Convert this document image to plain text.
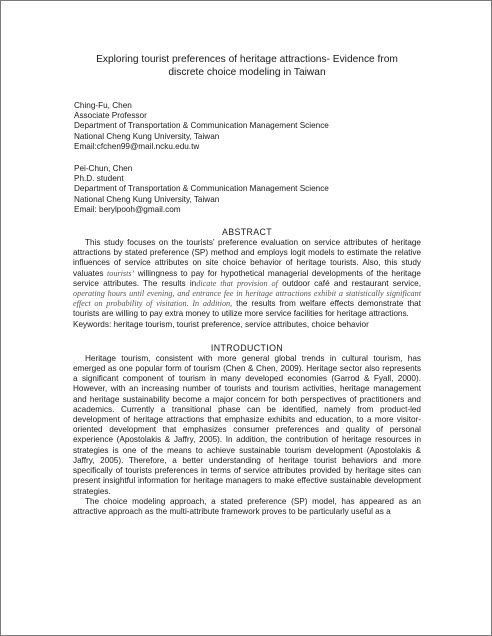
Exploring tourist preferences of heritage attractions- Evidence from
discrete choice modeling in Taiwan
Ching-Fu, Chen
Associate Professor
Department of Transportation & Communication Management Science
National Cheng Kung University, Taiwan
Email:cfchen99@mail.ncku.edu.tw
Pei-Chun, Chen
Ph.D. student
Department of Transportation & Communication Management Science
National Cheng Kung University, Taiwan
Email: berylpooh@gmail.com
ABSTRACT

This study focuses on the tourists’ preference evaluation on service attributes of heritage attractions by stated preference (SP) method and employs logit models to estimate the relative influences of service attributes on site choice behavior of heritage tourists. Also, this study valuates tourists’ willingness to pay for hypothetical managerial developments of the heritage service attributes. The results indicate that provision of outdoor café and restaurant service, operating hours until evening, and entrance fee in heritage attractions exhibit a statistically significant effect on probability of visitation. In addition, the results from welfare effects demonstrate that tourists are willing to pay extra money to utilize more service facilities for heritage attractions.

Keywords: heritage tourism, tourist preference, service attributes, choice behavior
INTRODUCTION

Heritage tourism, consistent with more general global trends in cultural tourism, has emerged as one popular form of tourism (Chen & Chen, 2009). Heritage sector also represents a significant component of tourism in many developed economies (Garrod & Fyall, 2000). However, with an increasing number of tourists and tourism activities, heritage management and heritage sustainability become a major concern for both perspectives of practitioners and academics. Currently a transitional phase can be identified, namely from product-led development of heritage attractions that emphasize exhibits and education, to a more visitor-oriented development that emphasizes consumer preferences and quality of personal experience (Apostolakis & Jaffry, 2005). In addition, the contribution of heritage resources in strategies is one of the means to achieve sustainable tourism development (Apostolakis & Jaffry, 2005). Therefore, a better understanding of heritage tourist behaviors and more specifically of tourists preferences in terms of service attributes provided by heritage sites can present insightful information for heritage managers to make effective sustainable development strategies.

The choice modeling approach, a stated preference (SP) model, has appeared as an attractive approach as the multi-attribute framework proves to be particularly useful as a
